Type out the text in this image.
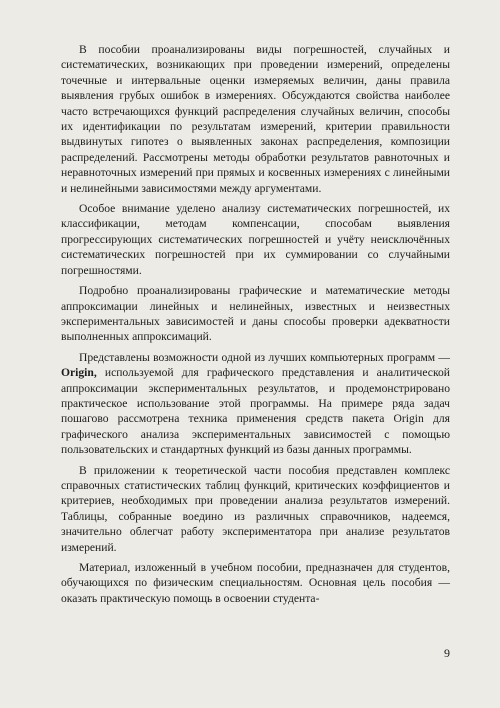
В пособии проанализированы виды погрешностей, случайных и систематических, возникающих при проведении измерений, определены точечные и интервальные оценки измеряемых величин, даны правила выявления грубых ошибок в измерениях. Обсуждаются свойства наиболее часто встречающихся функций распределения случайных величин, способы их идентификации по результатам измерений, критерии правильности выдвинутых гипотез о выявленных законах распределения, композиции распределений. Рассмотрены методы обработки результатов равноточных и неравноточных измерений при прямых и косвенных измерениях с линейными и нелинейными зависимостями между аргументами.

Особое внимание уделено анализу систематических погрешностей, их классификации, методам компенсации, способам выявления прогрессирующих систематических погрешностей и учёту неисключённых систематических погрешностей при их суммировании со случайными погрешностями.

Подробно проанализированы графические и математические методы аппроксимации линейных и нелинейных, известных и неизвестных экспериментальных зависимостей и даны способы проверки адекватности выполненных аппроксимаций.

Представлены возможности одной из лучших компьютерных программ — Origin, используемой для графического представления и аналитической аппроксимации экспериментальных результатов, и продемонстрировано практическое использование этой программы. На примере ряда задач пошагово рассмотрена техника применения средств пакета Origin для графического анализа экспериментальных зависимостей с помощью пользовательских и стандартных функций из базы данных программы.

В приложении к теоретической части пособия представлен комплекс справочных статистических таблиц функций, критических коэффициентов и критериев, необходимых при проведении анализа результатов измерений. Таблицы, собранные воедино из различных справочников, надеемся, значительно облегчат работу экспериментатора при анализе результатов измерений.

Материал, изложенный в учебном пособии, предназначен для студентов, обучающихся по физическим специальностям. Основная цель пособия — оказать практическую помощь в освоении студента-

9
